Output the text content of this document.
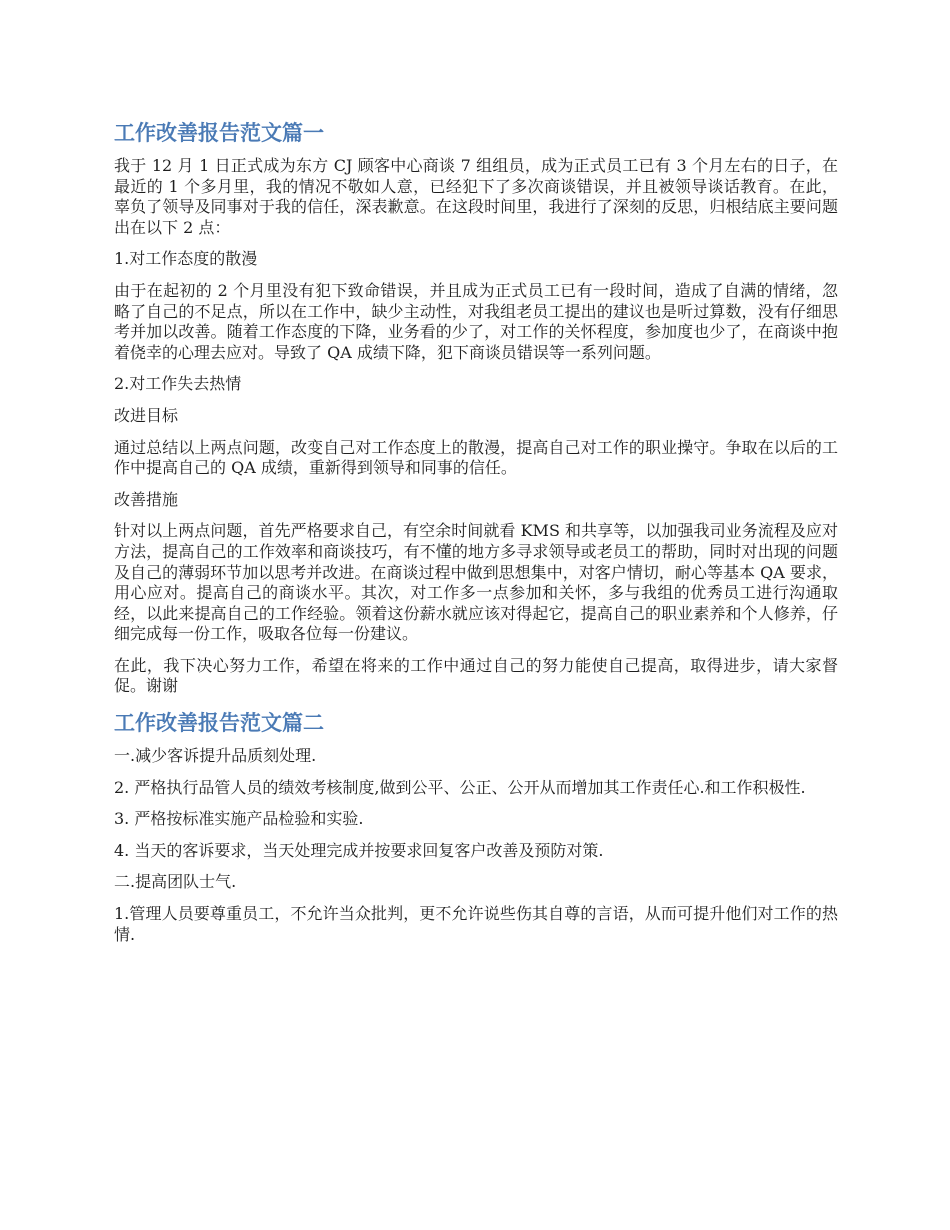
工作改善报告范文篇一

我于 12 月 1 日正式成为东方 CJ 顾客中心商谈 7 组组员，成为正式员工已有 3 个月左右的日子，在最近的 1 个多月里，我的情况不敬如人意，已经犯下了多次商谈错误，并且被领导谈话教育。在此，辜负了领导及同事对于我的信任，深表歉意。在这段时间里，我进行了深刻的反思，归根结底主要问题出在以下 2 点：

1.对工作态度的散漫

由于在起初的 2 个月里没有犯下致命错误，并且成为正式员工已有一段时间，造成了自满的情绪，忽略了自己的不足点，所以在工作中，缺少主动性，对我组老员工提出的建议也是听过算数，没有仔细思考并加以改善。随着工作态度的下降，业务看的少了，对工作的关怀程度，参加度也少了，在商谈中抱着侥幸的心理去应对。导致了 QA 成绩下降，犯下商谈员错误等一系列问题。

2.对工作失去热情

改进目标

通过总结以上两点问题，改变自己对工作态度上的散漫，提高自己对工作的职业操守。争取在以后的工作中提高自己的 QA 成绩，重新得到领导和同事的信任。

改善措施

针对以上两点问题，首先严格要求自己，有空余时间就看 KMS 和共享等，以加强我司业务流程及应对方法，提高自己的工作效率和商谈技巧，有不懂的地方多寻求领导或老员工的帮助，同时对出现的问题及自己的薄弱环节加以思考并改进。在商谈过程中做到思想集中，对客户情切，耐心等基本 QA 要求，用心应对。提高自己的商谈水平。其次，对工作多一点参加和关怀，多与我组的优秀员工进行沟通取经，以此来提高自己的工作经验。领着这份薪水就应该对得起它，提高自己的职业素养和个人修养，仔细完成每一份工作，吸取各位每一份建议。

在此，我下决心努力工作，希望在将来的工作中通过自己的努力能使自己提高，取得进步，请大家督促。谢谢

工作改善报告范文篇二

一.减少客诉提升品质刻处理.

2. 严格执行品管人员的绩效考核制度,做到公平、公正、公开从而增加其工作责任心.和工作积极性.

3. 严格按标准实施产品检验和实验.

4. 当天的客诉要求，当天处理完成并按要求回复客户改善及预防对策.

二.提高团队士气.

1.管理人员要尊重员工，不允许当众批判，更不允许说些伤其自尊的言语，从而可提升他们对工作的热情.
